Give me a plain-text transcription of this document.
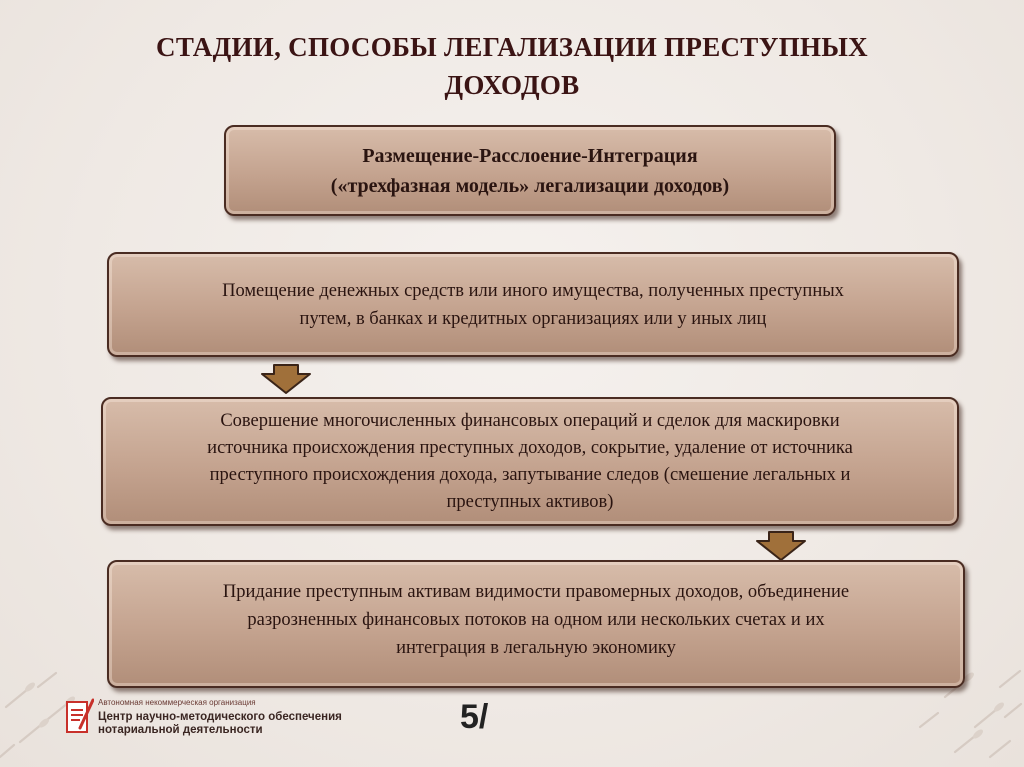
СТАДИИ, СПОСОБЫ ЛЕГАЛИЗАЦИИ ПРЕСТУПНЫХ
ДОХОДОВ
Размещение-Расслоение-Интеграция
(«трехфазная модель» легализации доходов)
Помещение денежных средств или иного имущества, полученных преступных
путем, в банках и кредитных организациях или у иных лиц
Совершение многочисленных финансовых операций и сделок для маскировки
источника происхождения преступных доходов, сокрытие, удаление от источника
преступного происхождения дохода, запутывание следов (смешение легальных и
преступных активов)
Придание преступным активам видимости правомерных доходов, объединение
разрозненных финансовых потоков на одном или нескольких счетах и их
интеграция в легальную экономику
Автономная некоммерческая организация
Центр научно-методического обеспечения
нотариальной деятельности	5/
